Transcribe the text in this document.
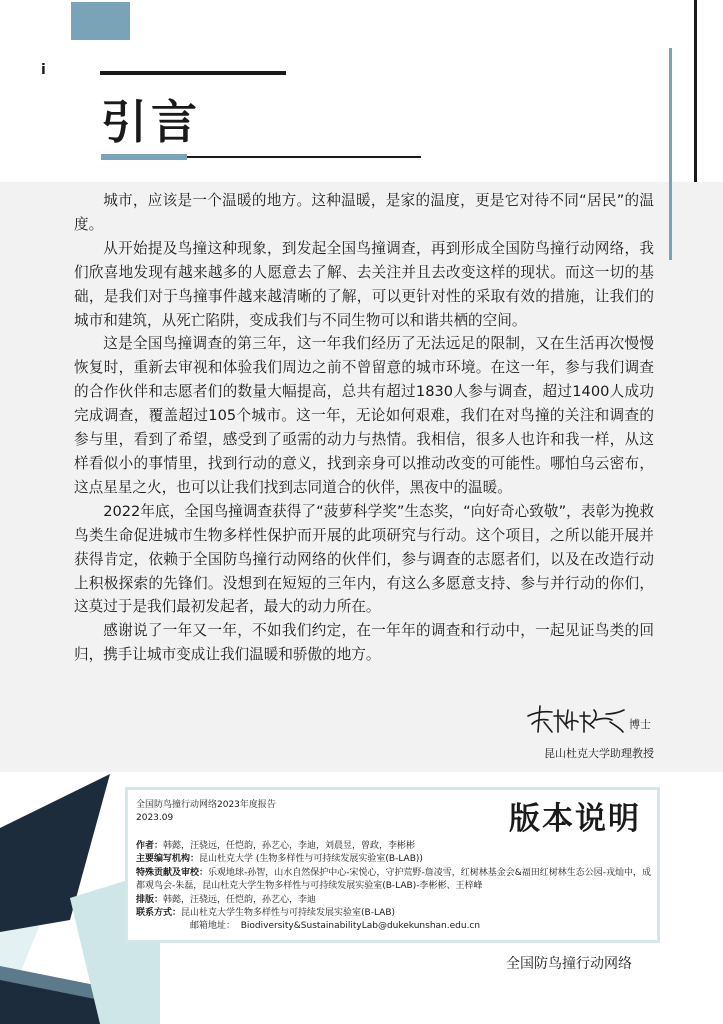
i
引言

城市，应该是一个温暖的地方。这种温暖，是家的温度，更是它对待不同“居民”的温度。

从开始提及鸟撞这种现象，到发起全国鸟撞调查，再到形成全国防鸟撞行动网络，我们欣喜地发现有越来越多的人愿意去了解、去关注并且去改变这样的现状。而这一切的基础，是我们对于鸟撞事件越来越清晰的了解，可以更针对性的采取有效的措施，让我们的城市和建筑，从死亡陷阱，变成我们与不同生物可以和谐共栖的空间。

这是全国鸟撞调查的第三年，这一年我们经历了无法远足的限制，又在生活再次慢慢恢复时，重新去审视和体验我们周边之前不曾留意的城市环境。在这一年，参与我们调查的合作伙伴和志愿者们的数量大幅提高，总共有超过1830人参与调查，超过1400人成功完成调查，覆盖超过105个城市。这一年，无论如何艰难，我们在对鸟撞的关注和调查的参与里，看到了希望，感受到了亟需的动力与热情。我相信，很多人也许和我一样，从这样看似小的事情里，找到行动的意义，找到亲身可以推动改变的可能性。哪怕乌云密布，这点星星之火，也可以让我们找到志同道合的伙伴，黑夜中的温暖。

2022年底，全国鸟撞调查获得了“菠萝科学奖”生态奖，“向好奇心致敬”，表彰为挽救鸟类生命促进城市生物多样性保护而开展的此项研究与行动。这个项目，之所以能开展并获得肯定，依赖于全国防鸟撞行动网络的伙伴们，参与调查的志愿者们，以及在改造行动上积极探索的先锋们。没想到在短短的三年内，有这么多愿意支持、参与并行动的你们，这莫过于是我们最初发起者，最大的动力所在。

感谢说了一年又一年，不如我们约定，在一年年的调查和行动中，一起见证鸟类的回归，携手让城市变成让我们温暖和骄傲的地方。

博士
昆山杜克大学助理教授
全国防鸟撞行动网络2023年度报告
2023.09	版本说明
作者：韩懿，汪骁远，任恺韵，孙艺心，李迪，刘晨昱，曾政，李彬彬
主要编写机构：昆山杜克大学 (生物多样性与可持续发展实验室(B-LAB))
特殊贡献及审校：乐观地球-孙智，山水自然保护中心-宋悦心，守护荒野-詹凌雪，红树林基金会&福田红树林生态公园-戎灿中，成都观鸟会-朱磊，昆山杜克大学生物多样性与可持续发展实验室(B-LAB)-李彬彬、王梓峰
排版：韩懿，汪骁远，任恺韵，孙艺心，李迪
联系方式：昆山杜克大学生物多样性与可持续发展实验室(B-LAB)
邮箱地址： Biodiversity&SustainabilityLab@dukekunshan.edu.cn
全国防鸟撞行动网络
